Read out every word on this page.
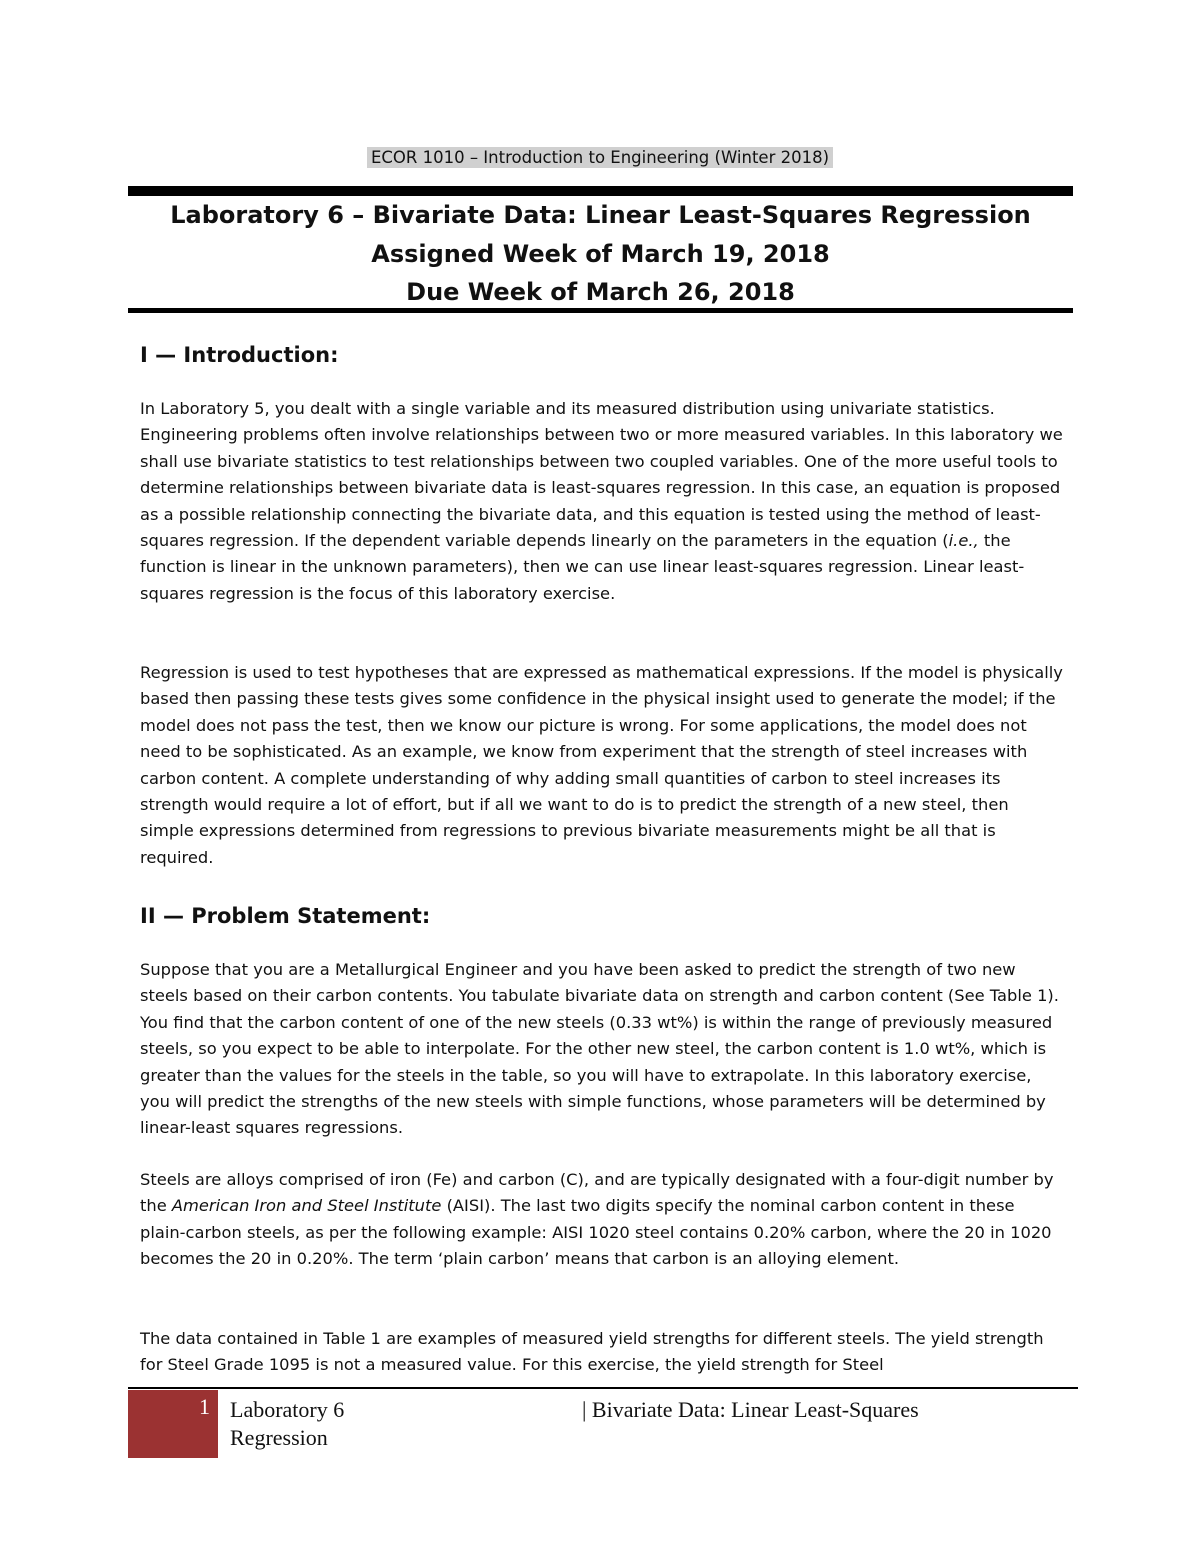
ECOR 1010 – Introduction to Engineering (Winter 2018)
Laboratory 6 – Bivariate Data: Linear Least-Squares Regression
Assigned Week of March 19, 2018
Due Week of March 26, 2018
I — Introduction:

In Laboratory 5, you dealt with a single variable and its measured distribution using univariate statistics. Engineering problems often involve relationships between two or more measured variables. In this laboratory we shall use bivariate statistics to test relationships between two coupled variables. One of the more useful tools to determine relationships between bivariate data is least-squares regression. In this case, an equation is proposed as a possible relationship connecting the bivariate data, and this equation is tested using the method of least-squares regression. If the dependent variable depends linearly on the parameters in the equation (i.e., the function is linear in the unknown parameters), then we can use linear least-squares regression. Linear least-squares regression is the focus of this laboratory exercise.

Regression is used to test hypotheses that are expressed as mathematical expressions. If the model is physically based then passing these tests gives some confidence in the physical insight used to generate the model; if the model does not pass the test, then we know our picture is wrong. For some applications, the model does not need to be sophisticated. As an example, we know from experiment that the strength of steel increases with carbon content. A complete understanding of why adding small quantities of carbon to steel increases its strength would require a lot of effort, but if all we want to do is to predict the strength of a new steel, then simple expressions determined from regressions to previous bivariate measurements might be all that is required.

II — Problem Statement:

Suppose that you are a Metallurgical Engineer and you have been asked to predict the strength of two new steels based on their carbon contents. You tabulate bivariate data on strength and carbon content (See Table 1). You find that the carbon content of one of the new steels (0.33 wt%) is within the range of previously measured steels, so you expect to be able to interpolate. For the other new steel, the carbon content is 1.0 wt%, which is greater than the values for the steels in the table, so you will have to extrapolate. In this laboratory exercise, you will predict the strengths of the new steels with simple functions, whose parameters will be determined by linear-least squares regressions.

Steels are alloys comprised of iron (Fe) and carbon (C), and are typically designated with a four-digit number by the American Iron and Steel Institute (AISI). The last two digits specify the nominal carbon content in these plain-carbon steels, as per the following example: AISI 1020 steel contains 0.20% carbon, where the 20 in 1020 becomes the 20 in 0.20%. The term ‘plain carbon’ means that carbon is an alloying element.

The data contained in Table 1 are examples of measured yield strengths for different steels. The yield strength for Steel Grade 1095 is not a measured value. For this exercise, the yield strength for Steel

1 Laboratory 6
Regression
| Bivariate Data: Linear Least-Squares
